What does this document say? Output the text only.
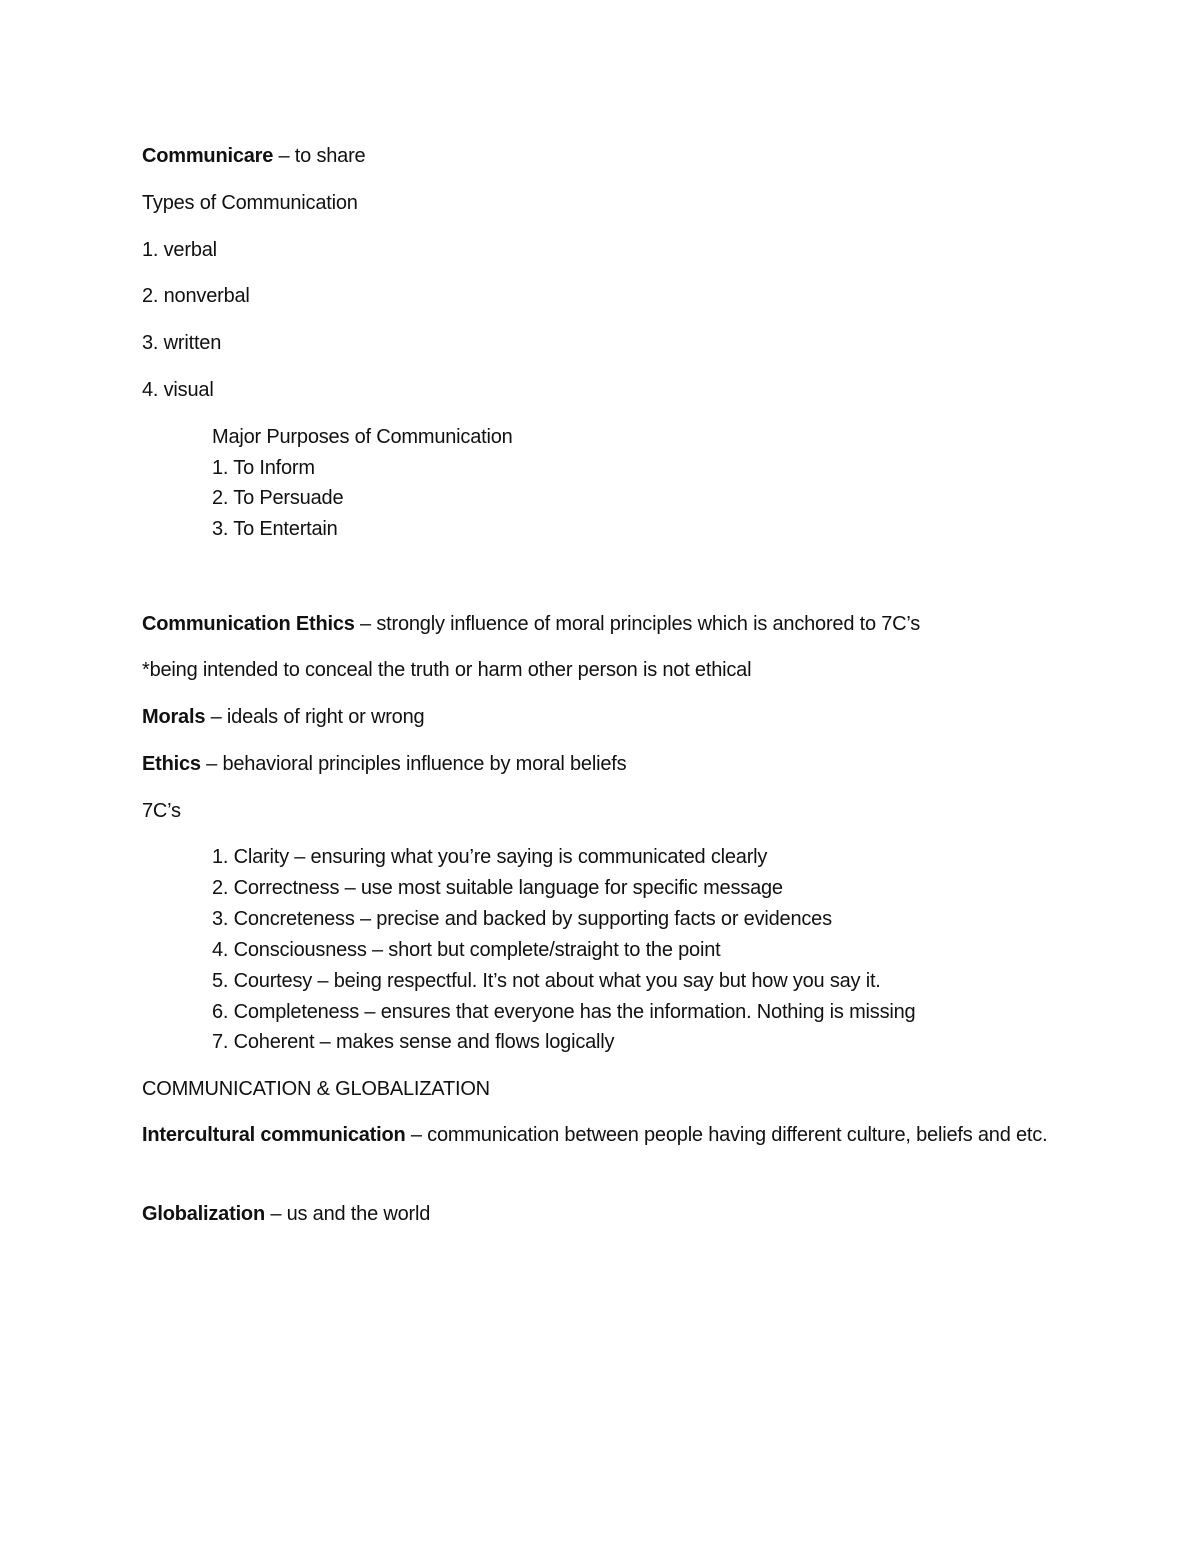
Communicare – to share
Types of Communication
1. verbal
2. nonverbal
3. written
4. visual
Major Purposes of Communication
1. To Inform
2. To Persuade
3. To Entertain
Communication Ethics – strongly influence of moral principles which is anchored to 7C’s
*being intended to conceal the truth or harm other person is not ethical
Morals – ideals of right or wrong
Ethics – behavioral principles influence by moral beliefs
7C’s
1. Clarity – ensuring what you’re saying is communicated clearly
2. Correctness – use most suitable language for specific message
3. Concreteness – precise and backed by supporting facts or evidences
4. Consciousness – short but complete/straight to the point
5. Courtesy – being respectful. It’s not about what you say but how you say it.
6. Completeness – ensures that everyone has the information. Nothing is missing
7. Coherent – makes sense and flows logically
COMMUNICATION & GLOBALIZATION
Intercultural communication – communication between people having different culture, beliefs and etc.
Globalization – us and the world
